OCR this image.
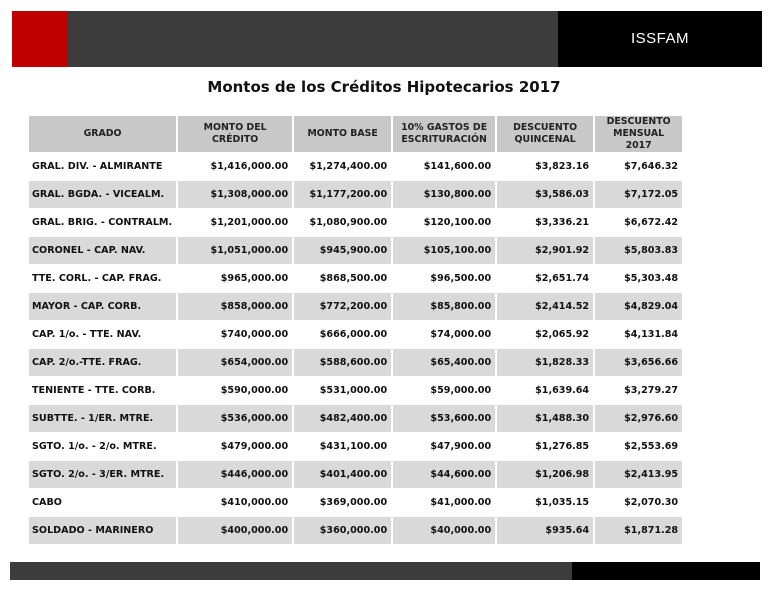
ISSFAM
Montos de los Créditos Hipotecarios 2017
GRADO	MONTO DEL CRÉDITO	MONTO BASE	10% GASTOS DE ESCRITURACIÓN	DESCUENTO QUINCENAL	DESCUENTO MENSUAL 2017
GRAL. DIV. - ALMIRANTE	$1,416,000.00	$1,274,400.00	$141,600.00	$3,823.16	$7,646.32
GRAL. BGDA. - VICEALM.	$1,308,000.00	$1,177,200.00	$130,800.00	$3,586.03	$7,172.05
GRAL. BRIG. - CONTRALM.	$1,201,000.00	$1,080,900.00	$120,100.00	$3,336.21	$6,672.42
CORONEL - CAP. NAV.	$1,051,000.00	$945,900.00	$105,100.00	$2,901.92	$5,803.83
TTE. CORL. - CAP. FRAG.	$965,000.00	$868,500.00	$96,500.00	$2,651.74	$5,303.48
MAYOR - CAP. CORB.	$858,000.00	$772,200.00	$85,800.00	$2,414.52	$4,829.04
CAP. 1/o. - TTE. NAV.	$740,000.00	$666,000.00	$74,000.00	$2,065.92	$4,131.84
CAP. 2/o.-TTE. FRAG.	$654,000.00	$588,600.00	$65,400.00	$1,828.33	$3,656.66
TENIENTE - TTE. CORB.	$590,000.00	$531,000.00	$59,000.00	$1,639.64	$3,279.27
SUBTTE. - 1/ER. MTRE.	$536,000.00	$482,400.00	$53,600.00	$1,488.30	$2,976.60
SGTO. 1/o. - 2/o. MTRE.	$479,000.00	$431,100.00	$47,900.00	$1,276.85	$2,553.69
SGTO. 2/o. - 3/ER. MTRE.	$446,000.00	$401,400.00	$44,600.00	$1,206.98	$2,413.95
CABO	$410,000.00	$369,000.00	$41,000.00	$1,035.15	$2,070.30
SOLDADO - MARINERO	$400,000.00	$360,000.00	$40,000.00	$935.64	$1,871.28
